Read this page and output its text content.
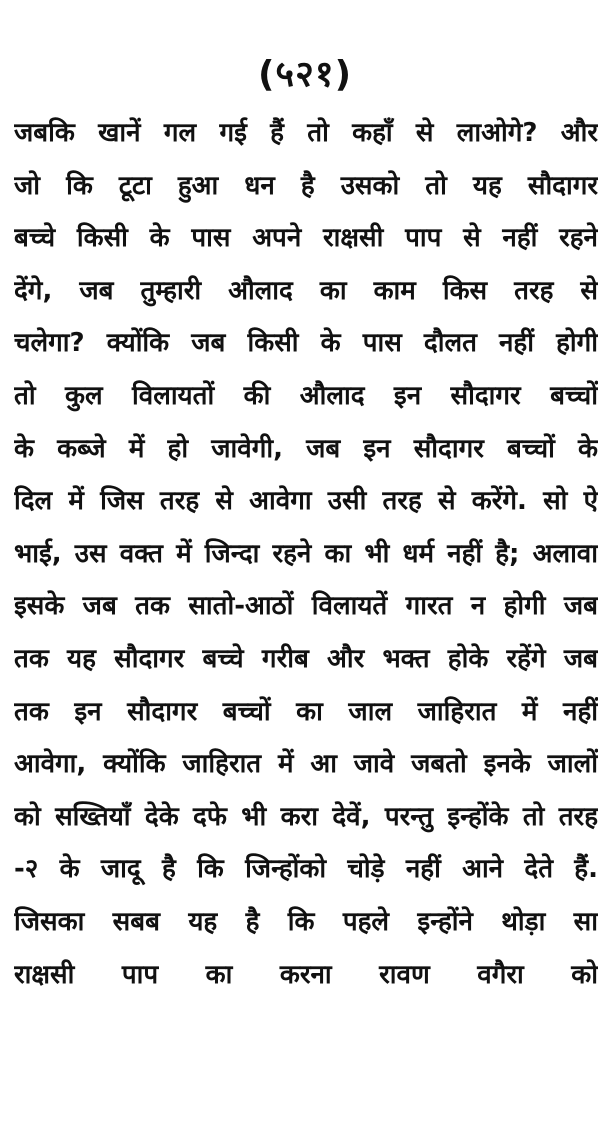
(५२१)
जबकि खानें गल गई हैं तो कहाँ से लाओगे? और
जो कि टूटा हुआ धन है उसको तो यह सौदागर
बच्चे किसी के पास अपने राक्षसी पाप से नहीं रहने
देंगे, जब तुम्हारी औलाद का काम किस तरह से
चलेगा? क्योंकि जब किसी के पास दौलत नहीं होगी
तो कुल विलायतों की औलाद इन सौदागर बच्चों
के कब्जे में हो जावेगी, जब इन सौदागर बच्चों के
दिल में जिस तरह से आवेगा उसी तरह से करेंगे. सो ऐ
भाई, उस वक्त में जिन्दा रहने का भी धर्म नहीं है; अलावा
इसके जब तक सातो-आठों विलायतें गारत न होगी जब
तक यह सौदागर बच्चे गरीब और भक्त होके रहेंगे जब
तक इन सौदागर बच्चों का जाल जाहिरात में नहीं
आवेगा, क्योंकि जाहिरात में आ जावे जबतो इनके जालों
को सख्तियाँ देके दफे भी करा देवें, परन्तु इन्होंके तो तरह
-२ के जादू है कि जिन्होंको चोड़े नहीं आने देते हैं.
जिसका सबब यह है कि पहले इन्होंने थोड़ा सा
राक्षसी पाप का करना रावण वगैरा को
